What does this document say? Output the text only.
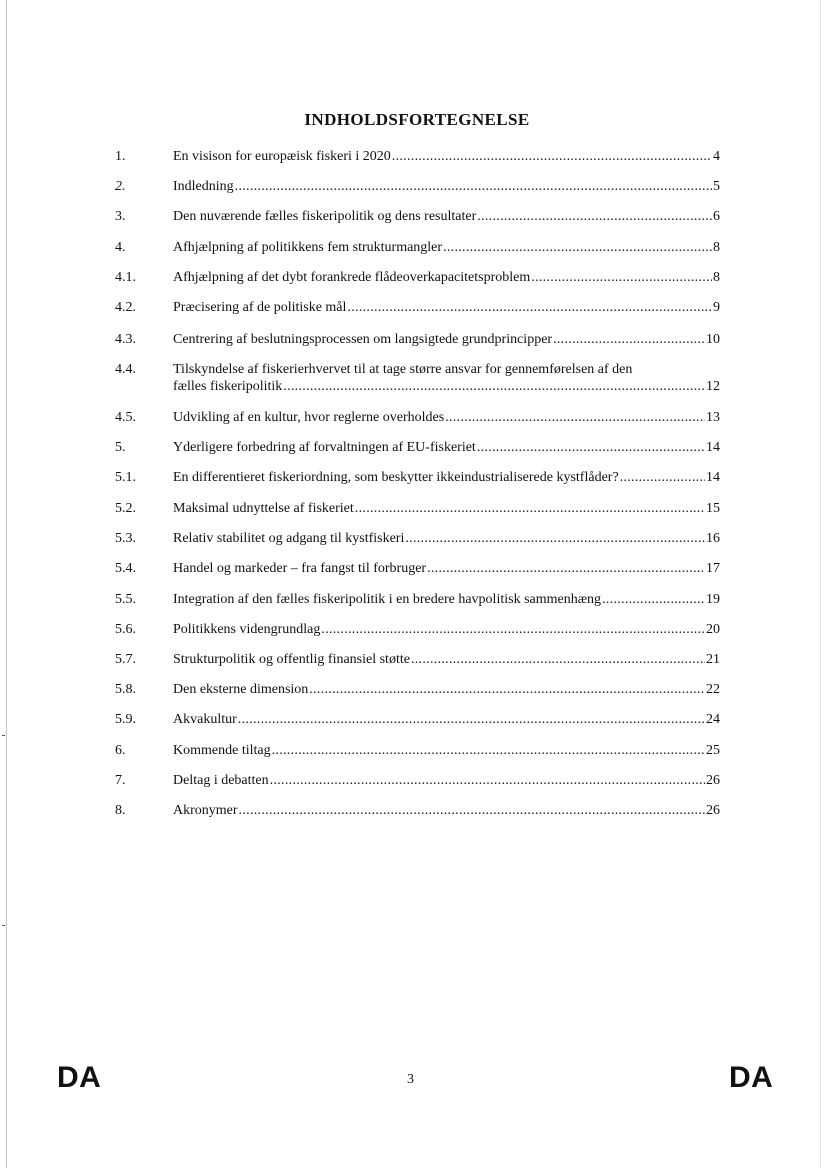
INDHOLDSFORTEGNELSE
1.	En visison for europæisk fiskeri i 2020 .....	4
2.	Indledning .....	5
3.	Den nuværende fælles fiskeripolitik og dens resultater .....	6
4.	Afhjælpning af politikkens fem strukturmangler .....	8
4.1.	Afhjælpning af det dybt forankrede flådeoverkapacitetsproblem .....	8
4.2.	Præcisering af de politiske mål .....	9
4.3.	Centrering af beslutningsprocessen om langsigtede grundprincipper .....	10
4.4.	Tilskyndelse af fiskerierhvervet til at tage større ansvar for gennemførelsen af den
fælles fiskeripolitik .....	12
4.5.	Udvikling af en kultur, hvor reglerne overholdes .....	13
5.	Yderligere forbedring af forvaltningen af EU-fiskeriet .....	14
5.1.	En differentieret fiskeriordning, som beskytter ikkeindustrialiserede kystflåder? .....	14
5.2.	Maksimal udnyttelse af fiskeriet .....	15
5.3.	Relativ stabilitet og adgang til kystfiskeri .....	16
5.4.	Handel og markeder – fra fangst til forbruger .....	17
5.5.	Integration af den fælles fiskeripolitik i en bredere havpolitisk sammenhæng .....	19
5.6.	Politikkens videngrundlag .....	20
5.7.	Strukturpolitik og offentlig finansiel støtte .....	21
5.8.	Den eksterne dimension .....	22
5.9.	Akvakultur .....	24
6.	Kommende tiltag .....	25
7.	Deltag i debatten .....	26
8.	Akronymer .....	26
DA	3	DA
